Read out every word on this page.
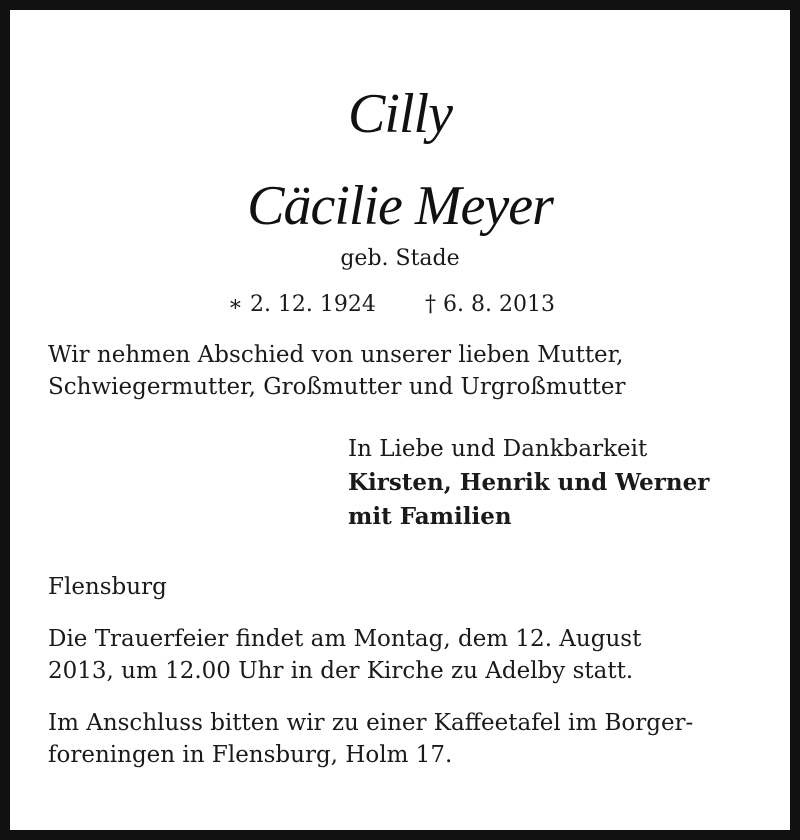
Cilly
Cäcilie Meyer
geb. Stade
∗ 2. 12. 1924 † 6. 8. 2013
Wir nehmen Abschied von unserer lieben Mutter,
Schwiegermutter, Großmutter und Urgroßmutter
In Liebe und Dankbarkeit
Kirsten, Henrik und Werner
mit Familien
Flensburg
Die Trauerfeier findet am Montag, dem 12. August
2013, um 12.00 Uhr in der Kirche zu Adelby statt.
Im Anschluss bitten wir zu einer Kaffeetafel im Borger-
foreningen in Flensburg, Holm 17.
